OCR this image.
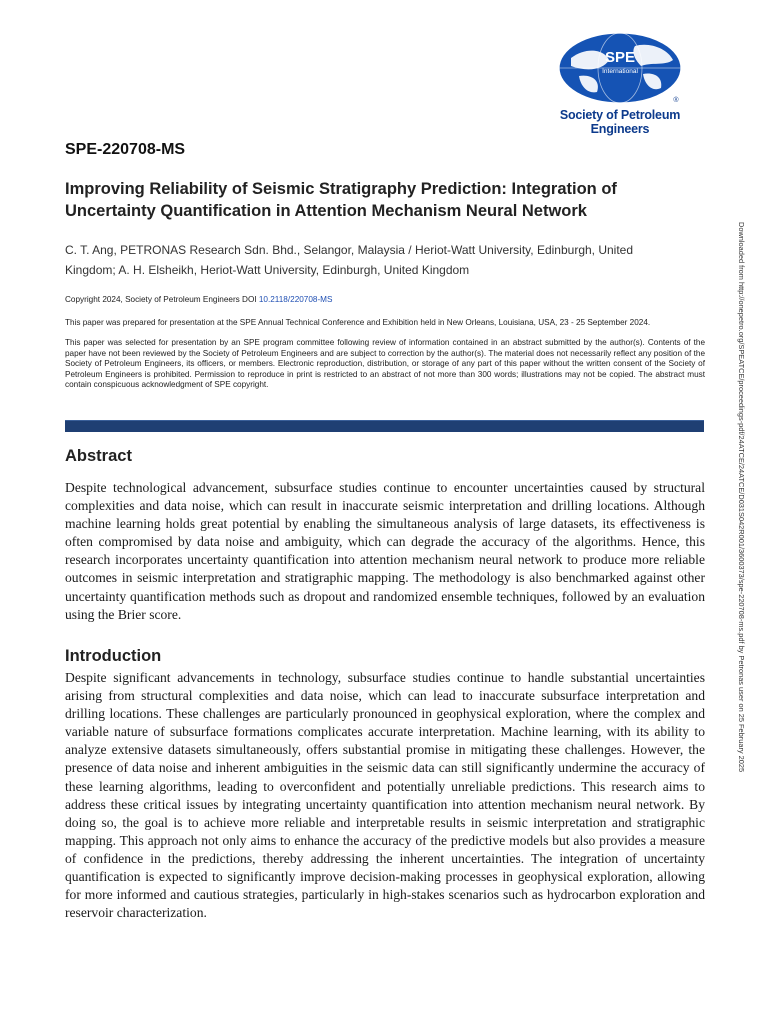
SPE
International
®
Society of Petroleum Engineers
SPE-220708-MS
Improving Reliability of Seismic Stratigraphy Prediction: Integration of Uncertainty Quantification in Attention Mechanism Neural Network
C. T. Ang, PETRONAS Research Sdn. Bhd., Selangor, Malaysia / Heriot-Watt University, Edinburgh, United Kingdom; A. H. Elsheikh, Heriot-Watt University, Edinburgh, United Kingdom
Copyright 2024, Society of Petroleum Engineers DOI 10.2118/220708-MS
This paper was prepared for presentation at the SPE Annual Technical Conference and Exhibition held in New Orleans, Louisiana, USA, 23 - 25 September 2024.
This paper was selected for presentation by an SPE program committee following review of information contained in an abstract submitted by the author(s). Contents of the paper have not been reviewed by the Society of Petroleum Engineers and are subject to correction by the author(s). The material does not necessarily reflect any position of the Society of Petroleum Engineers, its officers, or members. Electronic reproduction, distribution, or storage of any part of this paper without the written consent of the Society of Petroleum Engineers is prohibited. Permission to reproduce in print is restricted to an abstract of not more than 300 words; illustrations may not be copied. The abstract must contain conspicuous acknowledgment of SPE copyright.
Abstract
Despite technological advancement, subsurface studies continue to encounter uncertainties caused by structural complexities and data noise, which can result in inaccurate seismic interpretation and drilling locations. Although machine learning holds great potential by enabling the simultaneous analysis of large datasets, its effectiveness is often compromised by data noise and ambiguity, which can degrade the accuracy of the algorithms. Hence, this research incorporates uncertainty quantification into attention mechanism neural network to produce more reliable outcomes in seismic interpretation and stratigraphic mapping. The methodology is also benchmarked against other uncertainty quantification methods such as dropout and randomized ensemble techniques, followed by an evaluation using the Brier score.
Introduction
Despite significant advancements in technology, subsurface studies continue to handle substantial uncertainties arising from structural complexities and data noise, which can lead to inaccurate subsurface interpretation and drilling locations. These challenges are particularly pronounced in geophysical exploration, where the complex and variable nature of subsurface formations complicates accurate interpretation. Machine learning, with its ability to analyze extensive datasets simultaneously, offers substantial promise in mitigating these challenges. However, the presence of data noise and inherent ambiguities in the seismic data can still significantly undermine the accuracy of these learning algorithms, leading to overconfident and potentially unreliable predictions. This research aims to address these critical issues by integrating uncertainty quantification into attention mechanism neural network. By doing so, the goal is to achieve more reliable and interpretable results in seismic interpretation and stratigraphic mapping. This approach not only aims to enhance the accuracy of the predictive models but also provides a measure of confidence in the predictions, thereby addressing the inherent uncertainties. The integration of uncertainty quantification is expected to significantly improve decision-making processes in geophysical exploration, allowing for more informed and cautious strategies, particularly in high-stakes scenarios such as hydrocarbon exploration and reservoir characterization.
Downloaded from http://onepetro.org/SPEATCE/proceedings-pdf/24ATCE/24ATCE/D031S042R001/3600373/spe-220708-ms.pdf by Petronas user on 25 February 2025
